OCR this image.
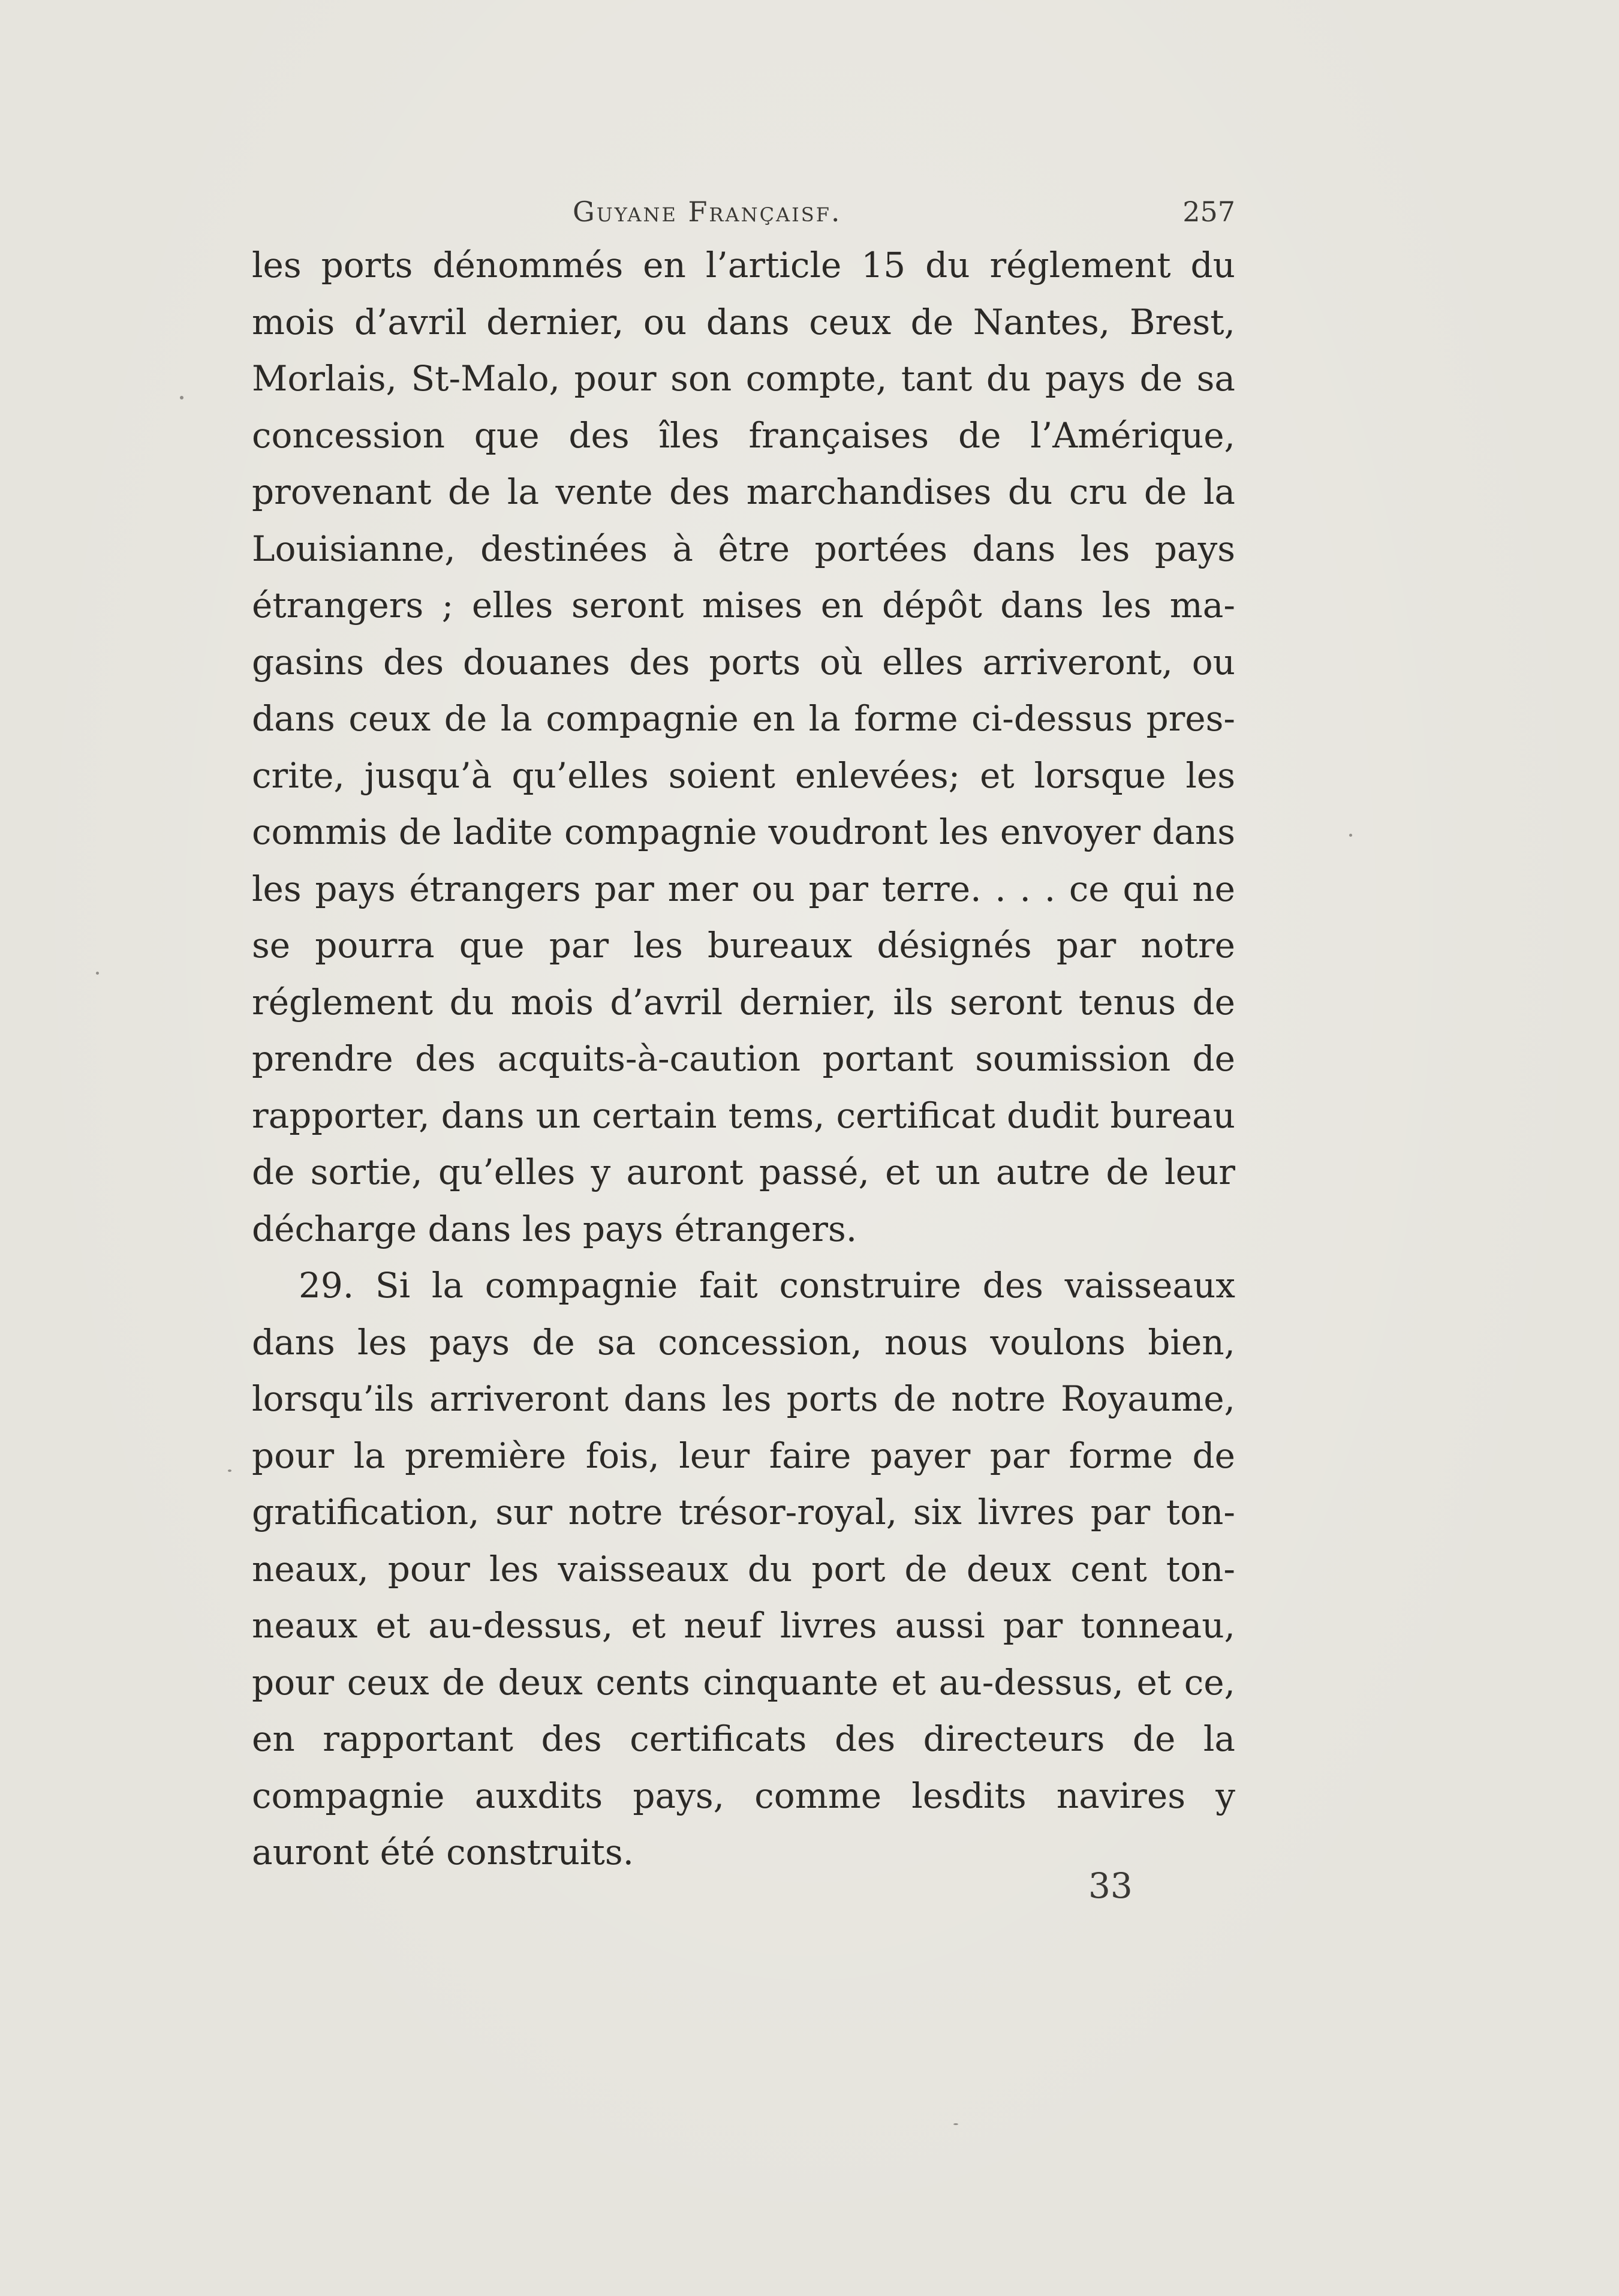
Guyane Françaisf.	257

les ports dénommés en l’article 15 du réglement du mois d’avril dernier, ou dans ceux de Nantes, Brest, Morlais, St-Malo, pour son compte, tant du pays de sa concession que des îles françaises de l’Amérique, provenant de la vente des marchandises du cru de la Louisianne, destinées à être portées dans les pays étrangers ; elles seront mises en dépôt dans les magasins des douanes des ports où elles arriveront, ou dans ceux de la compagnie en la forme ci-dessus prescrite, jusqu’à qu’elles soient enlevées; et lorsque les commis de ladite compagnie voudront les envoyer dans les pays étrangers par mer ou par terre. . . . ce qui ne se pourra que par les bureaux désignés par notre réglement du mois d’avril dernier, ils seront tenus de prendre des acquits-à-caution portant soumission de rapporter, dans un certain tems, certificat dudit bureau de sortie, qu’elles y auront passé, et un autre de leur décharge dans les pays étrangers.

29. Si la compagnie fait construire des vaisseaux dans les pays de sa concession, nous voulons bien, lorsqu’ils arriveront dans les ports de notre Royaume, pour la première fois, leur faire payer par forme de gratification, sur notre trésor-royal, six livres par tonneaux, pour les vaisseaux du port de deux cent tonneaux et au-dessus, et neuf livres aussi par tonneau, pour ceux de deux cents cinquante et au-dessus, et ce, en rapportant des certificats des directeurs de la compagnie auxdits pays, comme lesdits navires y auront été construits.

33
